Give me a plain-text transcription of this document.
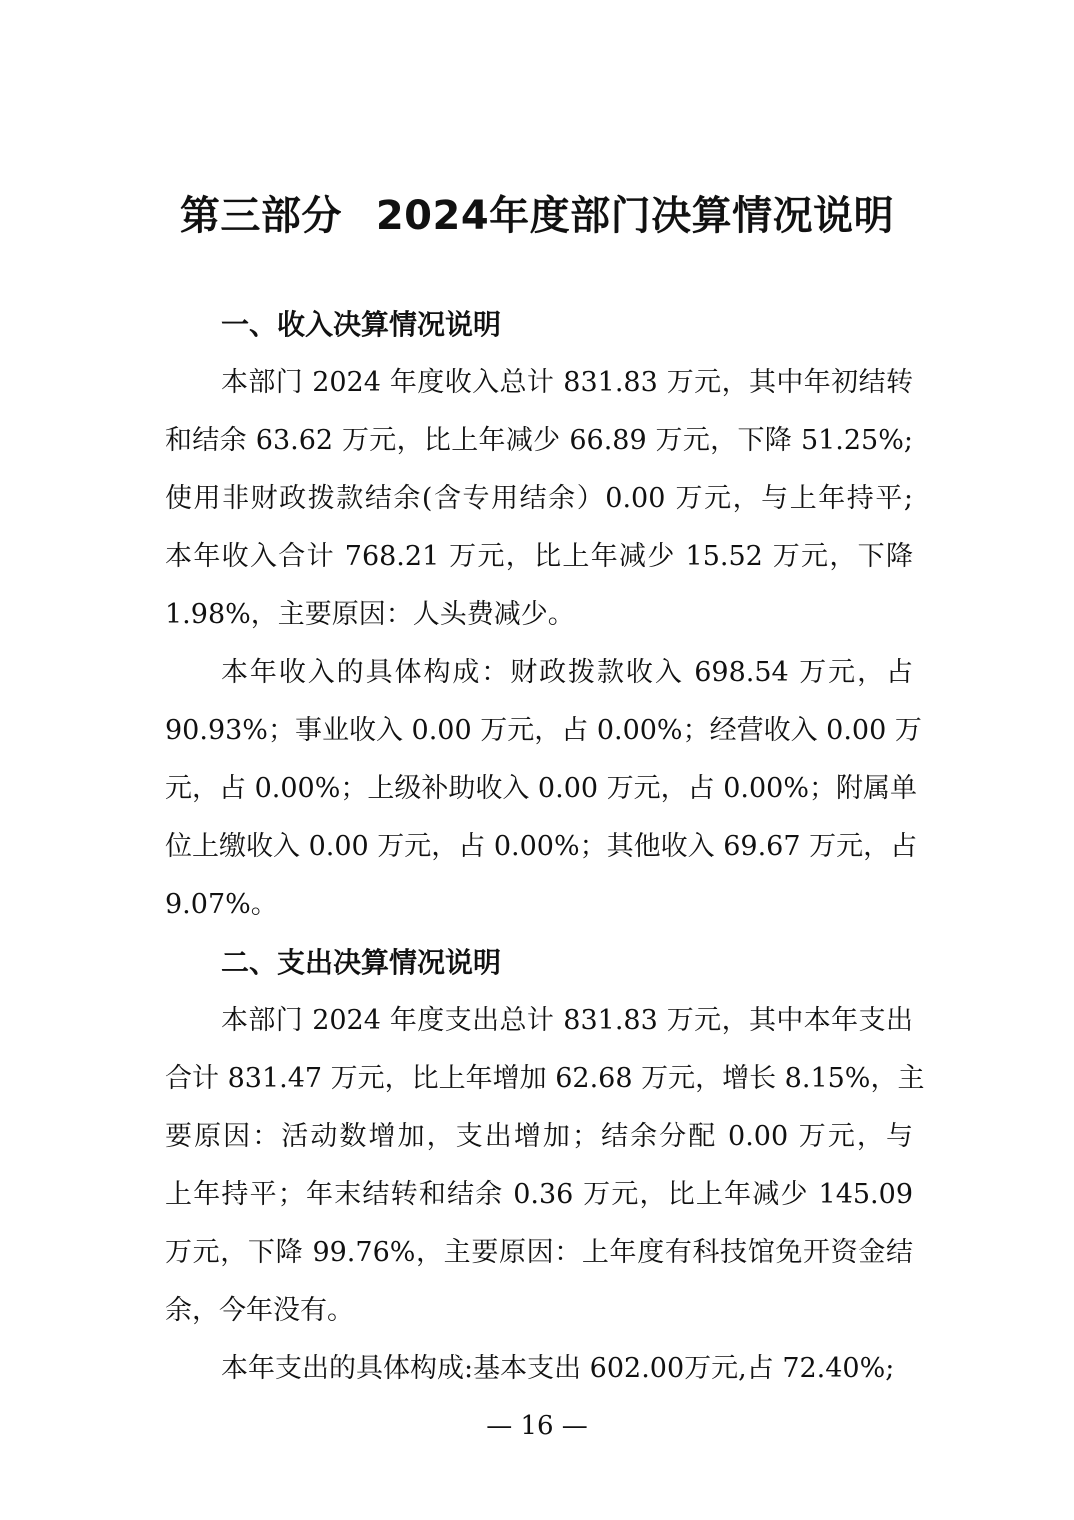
第三部分 2024年度部门决算情况说明
一、收入决算情况说明
本部门 2024 年度收入总计 831.83 万元，其中年初结转
和结余 63.62 万元，比上年减少 66.89 万元，下降 51.25%;
使用非财政拨款结余(含专用结余）0.00 万元，与上年持平;
本年收入合计 768.21 万元，比上年减少 15.52 万元，下降
1.98%，主要原因：人头费减少。
本年收入的具体构成：财政拨款收入 698.54 万元，占
90.93%；事业收入 0.00 万元，占 0.00%；经营收入 0.00 万
元，占 0.00%；上级补助收入 0.00 万元，占 0.00%；附属单
位上缴收入 0.00 万元，占 0.00%；其他收入 69.67 万元，占
9.07%。
二、支出决算情况说明
本部门 2024 年度支出总计 831.83 万元，其中本年支出
合计 831.47 万元，比上年增加 62.68 万元，增长 8.15%，主
要原因：活动数增加，支出增加；结余分配 0.00 万元，与
上年持平；年末结转和结余 0.36 万元，比上年减少 145.09
万元，下降 99.76%，主要原因：上年度有科技馆免开资金结
余，今年没有。
本年支出的具体构成:基本支出 602.00万元,占 72.40%;
— 16 —
